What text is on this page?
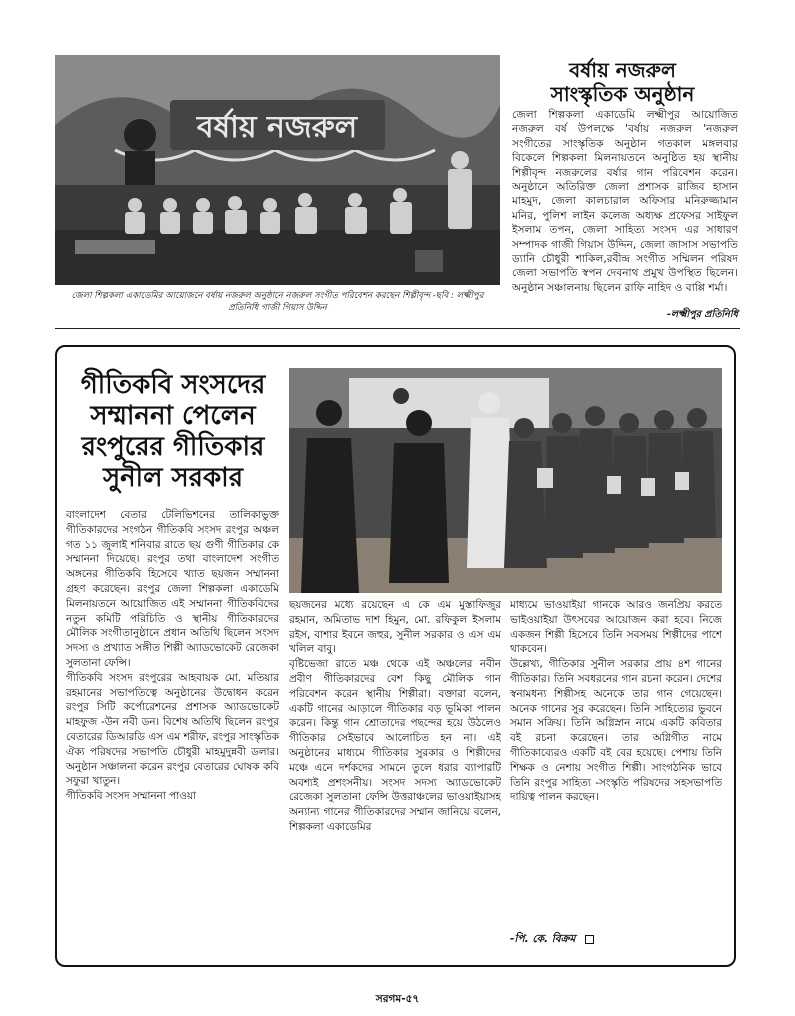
বর্ষায় নজরুল
জেলা শিল্পকলা একাডেমির আয়োজনে বর্ষায় নজরুল অনুষ্ঠানে নজরুল সংগীত পরিবেশন করছেন শিল্পীবৃন্দ -ছবি : লক্ষ্মীপুর প্রতিনিধি গাজী গিয়াস উদ্দিন
বর্ষায় নজরুল
সাংস্কৃতিক অনুষ্ঠান

জেলা শিল্পকলা একাডেমি লক্ষ্মীপুর আয়োজিত নজরুল বর্ষ উপলক্ষে 'বর্ষায় নজরুল 'নজরুল সংগীতের সাংস্কৃতিক অনুষ্ঠান গতকাল মঙ্গলবার বিকেলে শিল্পকলা মিলনায়তনে অনুষ্ঠিত হয় স্থানীয় শিল্পীবৃন্দ নজরুলের বর্ষার গান পরিবেশন করেন। অনুষ্ঠানে অতিরিক্ত জেলা প্রশাসক রাজিব হাসান মাহমুদ, জেলা কালচারাল অফিসার মনিরুজ্জামান মনির, পুলিশ লাইন কলেজ অধ্যক্ষ প্রফেসর সাইফুল ইসলাম তপন, জেলা সাহিত্য সংসদ এর সাধারণ সম্পাদক গাজী গিয়াস উদ্দিন, জেলা জাসাস সভাপতি ড্যানি চৌধুরী শাকিল,রবীন্দ্র সংগীত সম্মিলন পরিষদ জেলা সভাপতি স্বপন দেবনাথ প্রমুখ উপস্থিত ছিলেন। অনুষ্ঠান সঞ্চালনায় ছিলেন রাফি নাহিদ ও বাপ্পি শর্মা।

-লক্ষ্মীপুর প্রতিনিধি
গীতিকবি সংসদের
সম্মাননা পেলেন
রংপুরের গীতিকার
সুনীল সরকার

বাংলাদেশ বেতার টেলিভিশনের তালিকাভুক্ত গীতিকারদের সংগঠন গীতিকবি সংসদ রংপুর অঞ্চল গত ১১ জুলাই শনিবার রাতে ছয় গুণী গীতিকার কে সম্মাননা দিয়েছে। রংপুর তথা বাংলাদেশ সংগীত অঙ্গনের গীতিকবি হিসেবে খ্যাত ছয়জন সম্মাননা গ্রহণ করেছেন। রংপুর জেলা শিল্পকলা একাডেমি মিলনায়তনে আয়োজিত এই সম্মাননা গীতিকবিদের নতুন কমিটি পরিচিতি ও স্থানীয় গীতিকারদের মৌলিক সংগীতানুষ্ঠানে প্রধান অতিথি ছিলেন সংসদ সদস্য ও প্রখ্যাত সঙ্গীত শিল্পী অ্যাডভোকেট রেজেকা সুলতানা ফেন্সি।

গীতিকবি সংসদ রংপুরের আহবায়ক মো. মতিয়ার রহমানের সভাপতিত্বে অনুষ্ঠানের উদ্বোধন করেন রংপুর সিটি কর্পোরেশনের প্রশাসক অ্যাডভোকেট মাহফুজ -উন নবী ডন। বিশেষ অতিথি ছিলেন রংপুর বেতারের ডিআরডি এস এম শরীফ, রংপুর সাংস্কৃতিক ঐক্য পরিষদের সভাপতি চৌধুরী মাহমুদুন্নবী ডলার। অনুষ্ঠান সঞ্চালনা করেন রংপুর বেতারের ঘোষক কবি সফুরা খাতুন।

গীতিকবি সংসদ সম্মাননা পাওয়া

ছয়জনের মধ্যে রয়েছেন এ কে এম মুস্তাফিজুর রহমান, অমিতাভ দাশ হিমুন, মো. রফিকুল ইসলাম রইস, বাশার ইবনে জহুর, সুনীল সরকার ও এস এম খলিল বাবু।

বৃষ্টিভেজা রাতে মঞ্চ থেকে এই অঞ্চলের নবীন প্রবীণ গীতিকারদের বেশ কিছু মৌলিক গান পরিবেশন করেন স্থানীয় শিল্পীরা। বক্তারা বলেন, একটি গানের আড়ালে গীতিকার বড় ভূমিকা পালন করেন। কিন্তু গান শ্রোতাদের পছন্দের হয়ে উঠলেও গীতিকার সেইভাবে আলোচিত হন না। এই অনুষ্ঠানের মাধ্যমে গীতিকার সুরকার ও শিল্পীদের মঞ্চে এনে দর্শকদের সামনে তুলে ধরার ব্যাপারটি অবশ্যই প্রশংসনীয়। সংসদ সদস্য অ্যাডভোকেট রেজেকা সুলতানা ফেন্সি উত্তরাঞ্চলের ভাওয়াইয়াসহ অন্যান্য গানের গীতিকারদের সম্মান জানিয়ে বলেন, শিল্পকলা একাডেমির

মাধ্যমে ভাওয়াইয়া গানকে আরও জনপ্রিয় করতে ভাইওয়াইয়া উৎসবের আয়োজন করা হবে। নিজে একজন শিল্পী হিসেবে তিনি সবসময় শিল্পীদের পাশে থাকবেন।

উল্লেখ্য, গীতিকার সুনীল সরকার প্রায় ৪শ গানের গীতিকার। তিনি সবধরনের গান রচনা করেন। দেশের স্বনামধন্য শিল্পীসহ অনেকে তার গান গেয়েছেন। অনেক গানের সুর করেছেন। তিনি সাহিত্যের ভুবনে সমান সক্রিয়। তিনি অগ্নিস্নান নামে একটি কবিতার বই রচনা করেছেন। তার অগ্নিগীত নামে গীতিকাব্যেরও একটি বই বের হয়েছে। পেশায় তিনি শিক্ষক ও নেশায় সংগীত শিল্পী। সাংগঠনিক ভাবে তিনি রংপুর সাহিত্য -সংস্কৃতি পরিষদের সহসভাপতি দায়িত্ব পালন করছেন।

-পি. কে. বিক্রম
সরগম-৫৭
